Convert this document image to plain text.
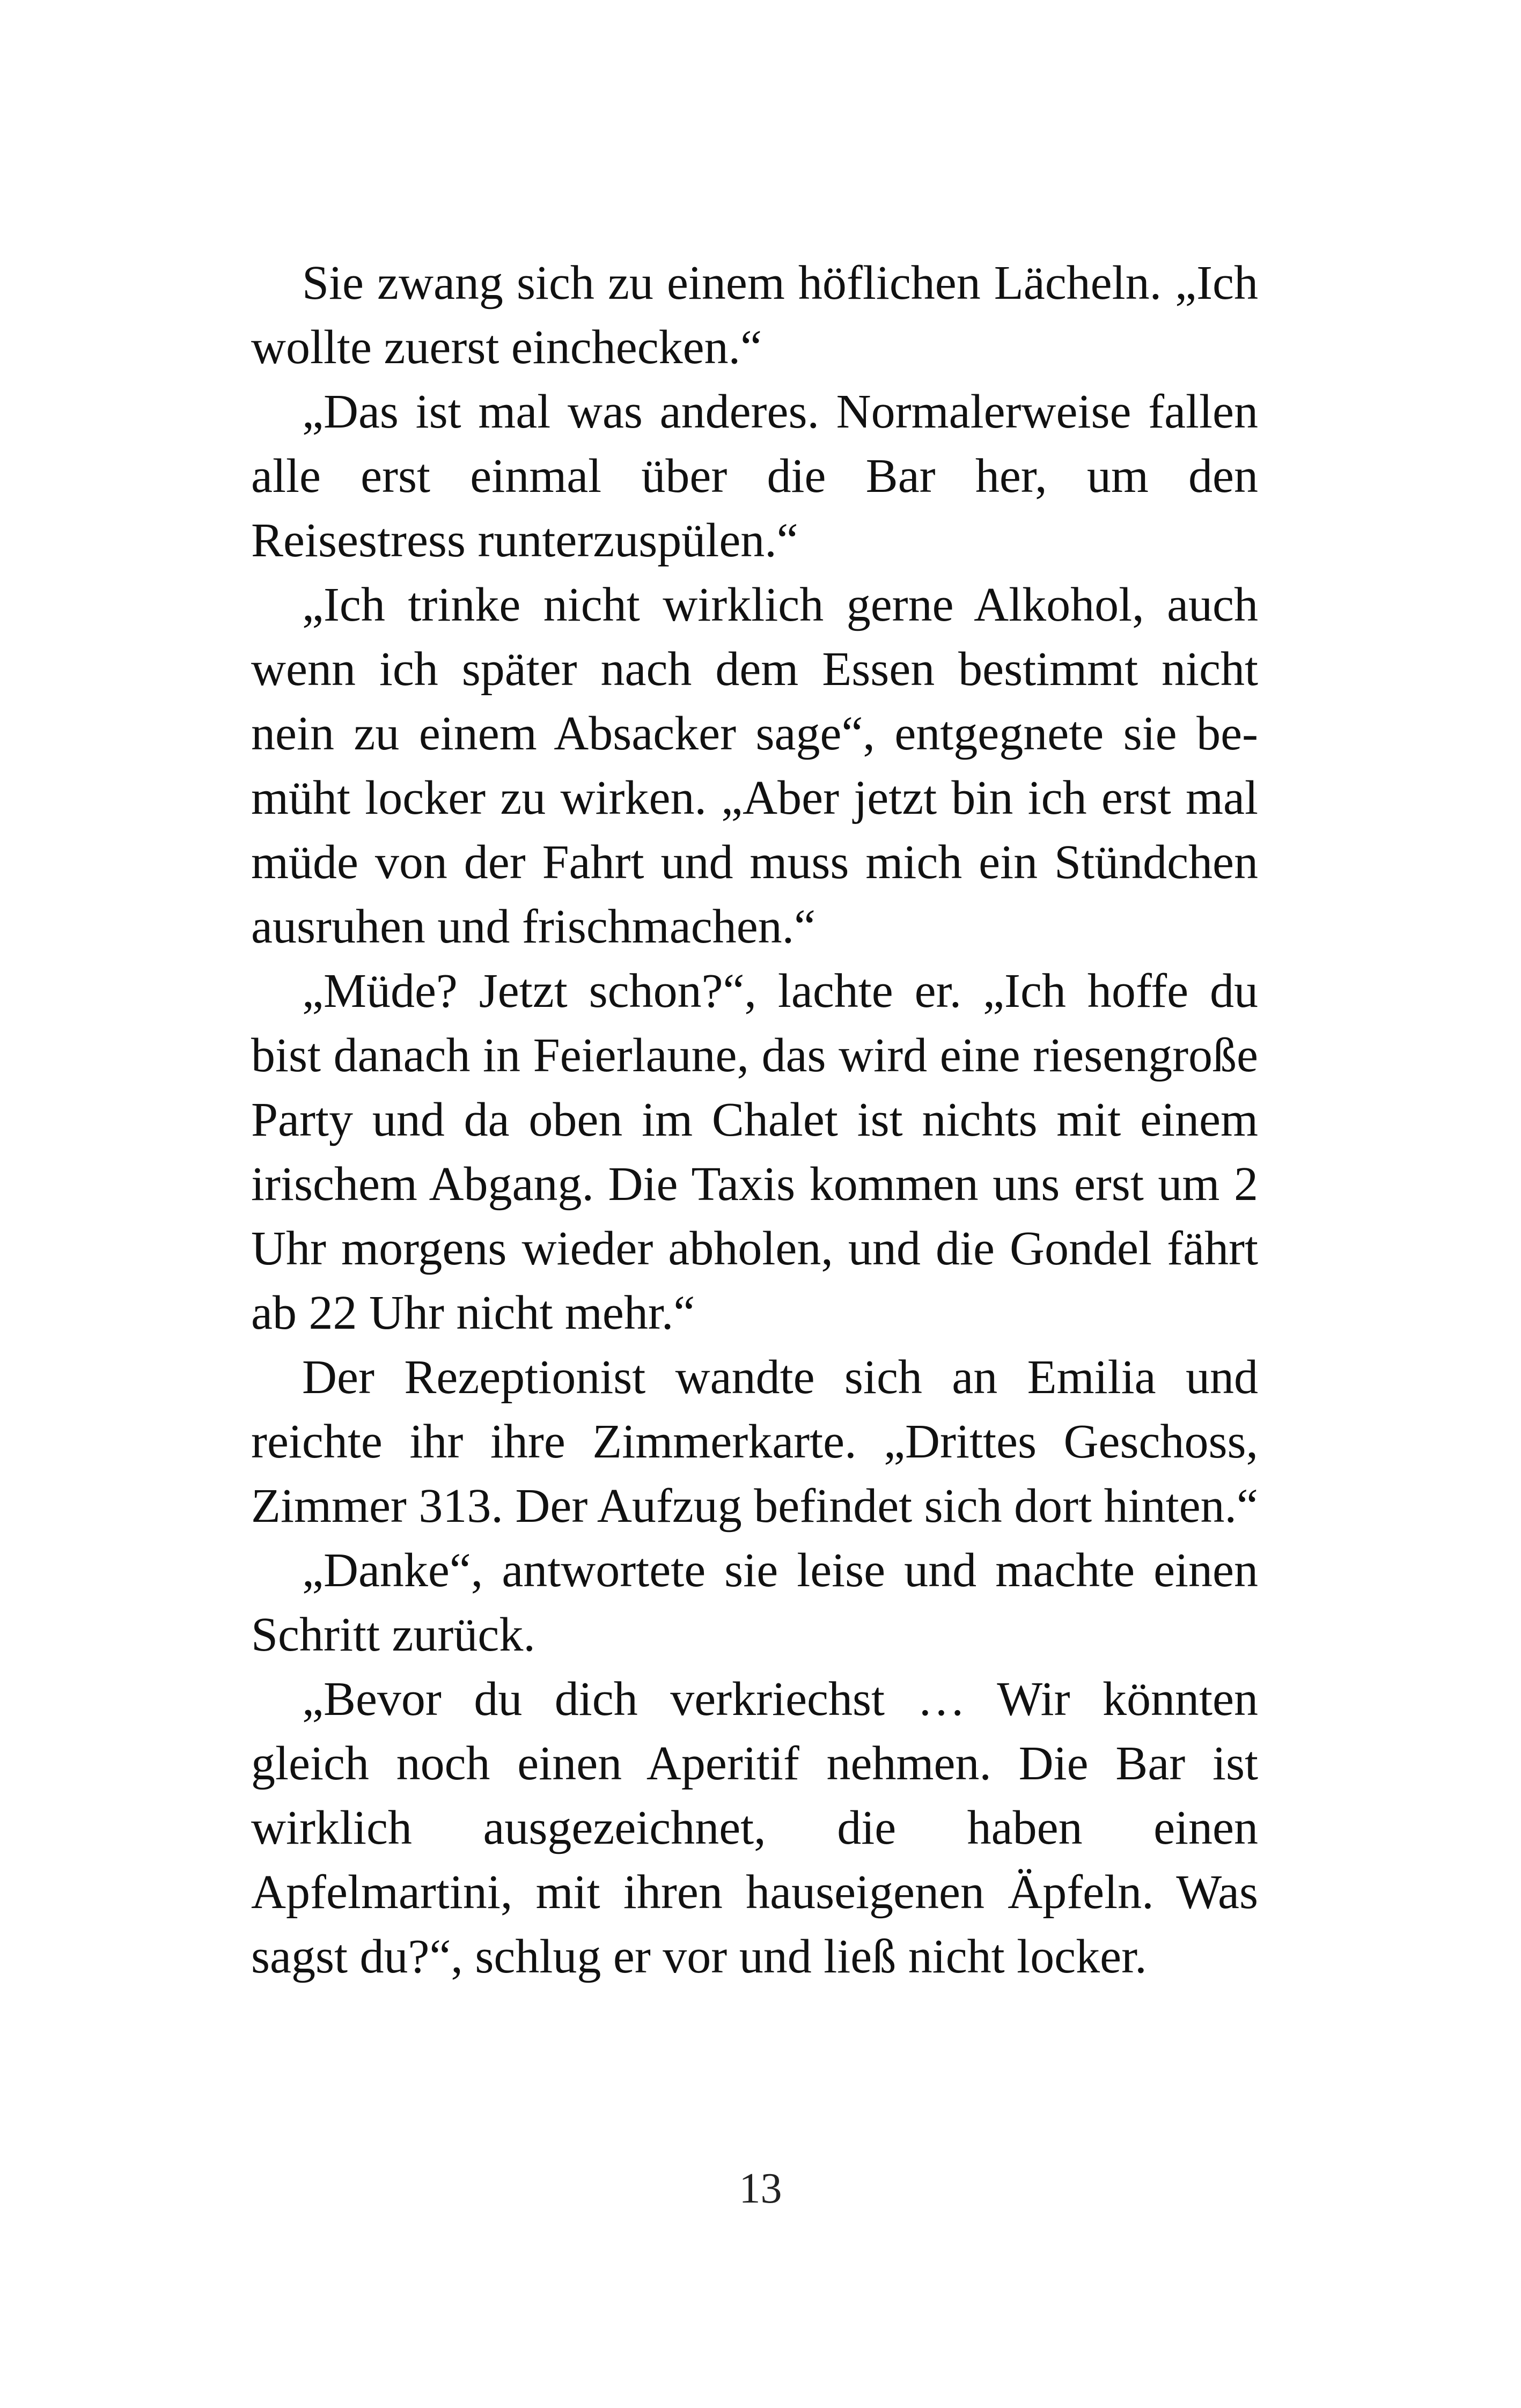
Sie zwang sich zu einem höflichen Lächeln. „Ich wollte zuerst einchecken.“

„Das ist mal was anderes. Normalerweise fallen alle erst einmal über die Bar her, um den Reisestress runterzuspülen.“

„Ich trinke nicht wirklich gerne Alkohol, auch wenn ich später nach dem Essen bestimmt nicht nein zu einem Absacker sage“, entgegnete sie bemüht locker zu wirken. „Aber jetzt bin ich erst mal müde von der Fahrt und muss mich ein Stündchen ausruhen und frischmachen.“

„Müde? Jetzt schon?“, lachte er. „Ich hoffe du bist danach in Feierlaune, das wird eine riesengroße Party und da oben im Chalet ist nichts mit einem irischem Abgang. Die Taxis kommen uns erst um 2 Uhr morgens wieder abholen, und die Gondel fährt ab 22 Uhr nicht mehr.“

Der Rezeptionist wandte sich an Emilia und reichte ihr ihre Zimmerkarte. „Drittes Geschoss, Zimmer 313. Der Aufzug befindet sich dort hinten.“

„Danke“, antwortete sie leise und machte einen Schritt zurück.

„Bevor du dich verkriechst … Wir könnten gleich noch einen Aperitif nehmen. Die Bar ist wirklich ausgezeichnet, die haben einen Apfelmartini, mit ihren hauseigenen Äpfeln. Was sagst du?“, schlug er vor und ließ nicht locker.

13
